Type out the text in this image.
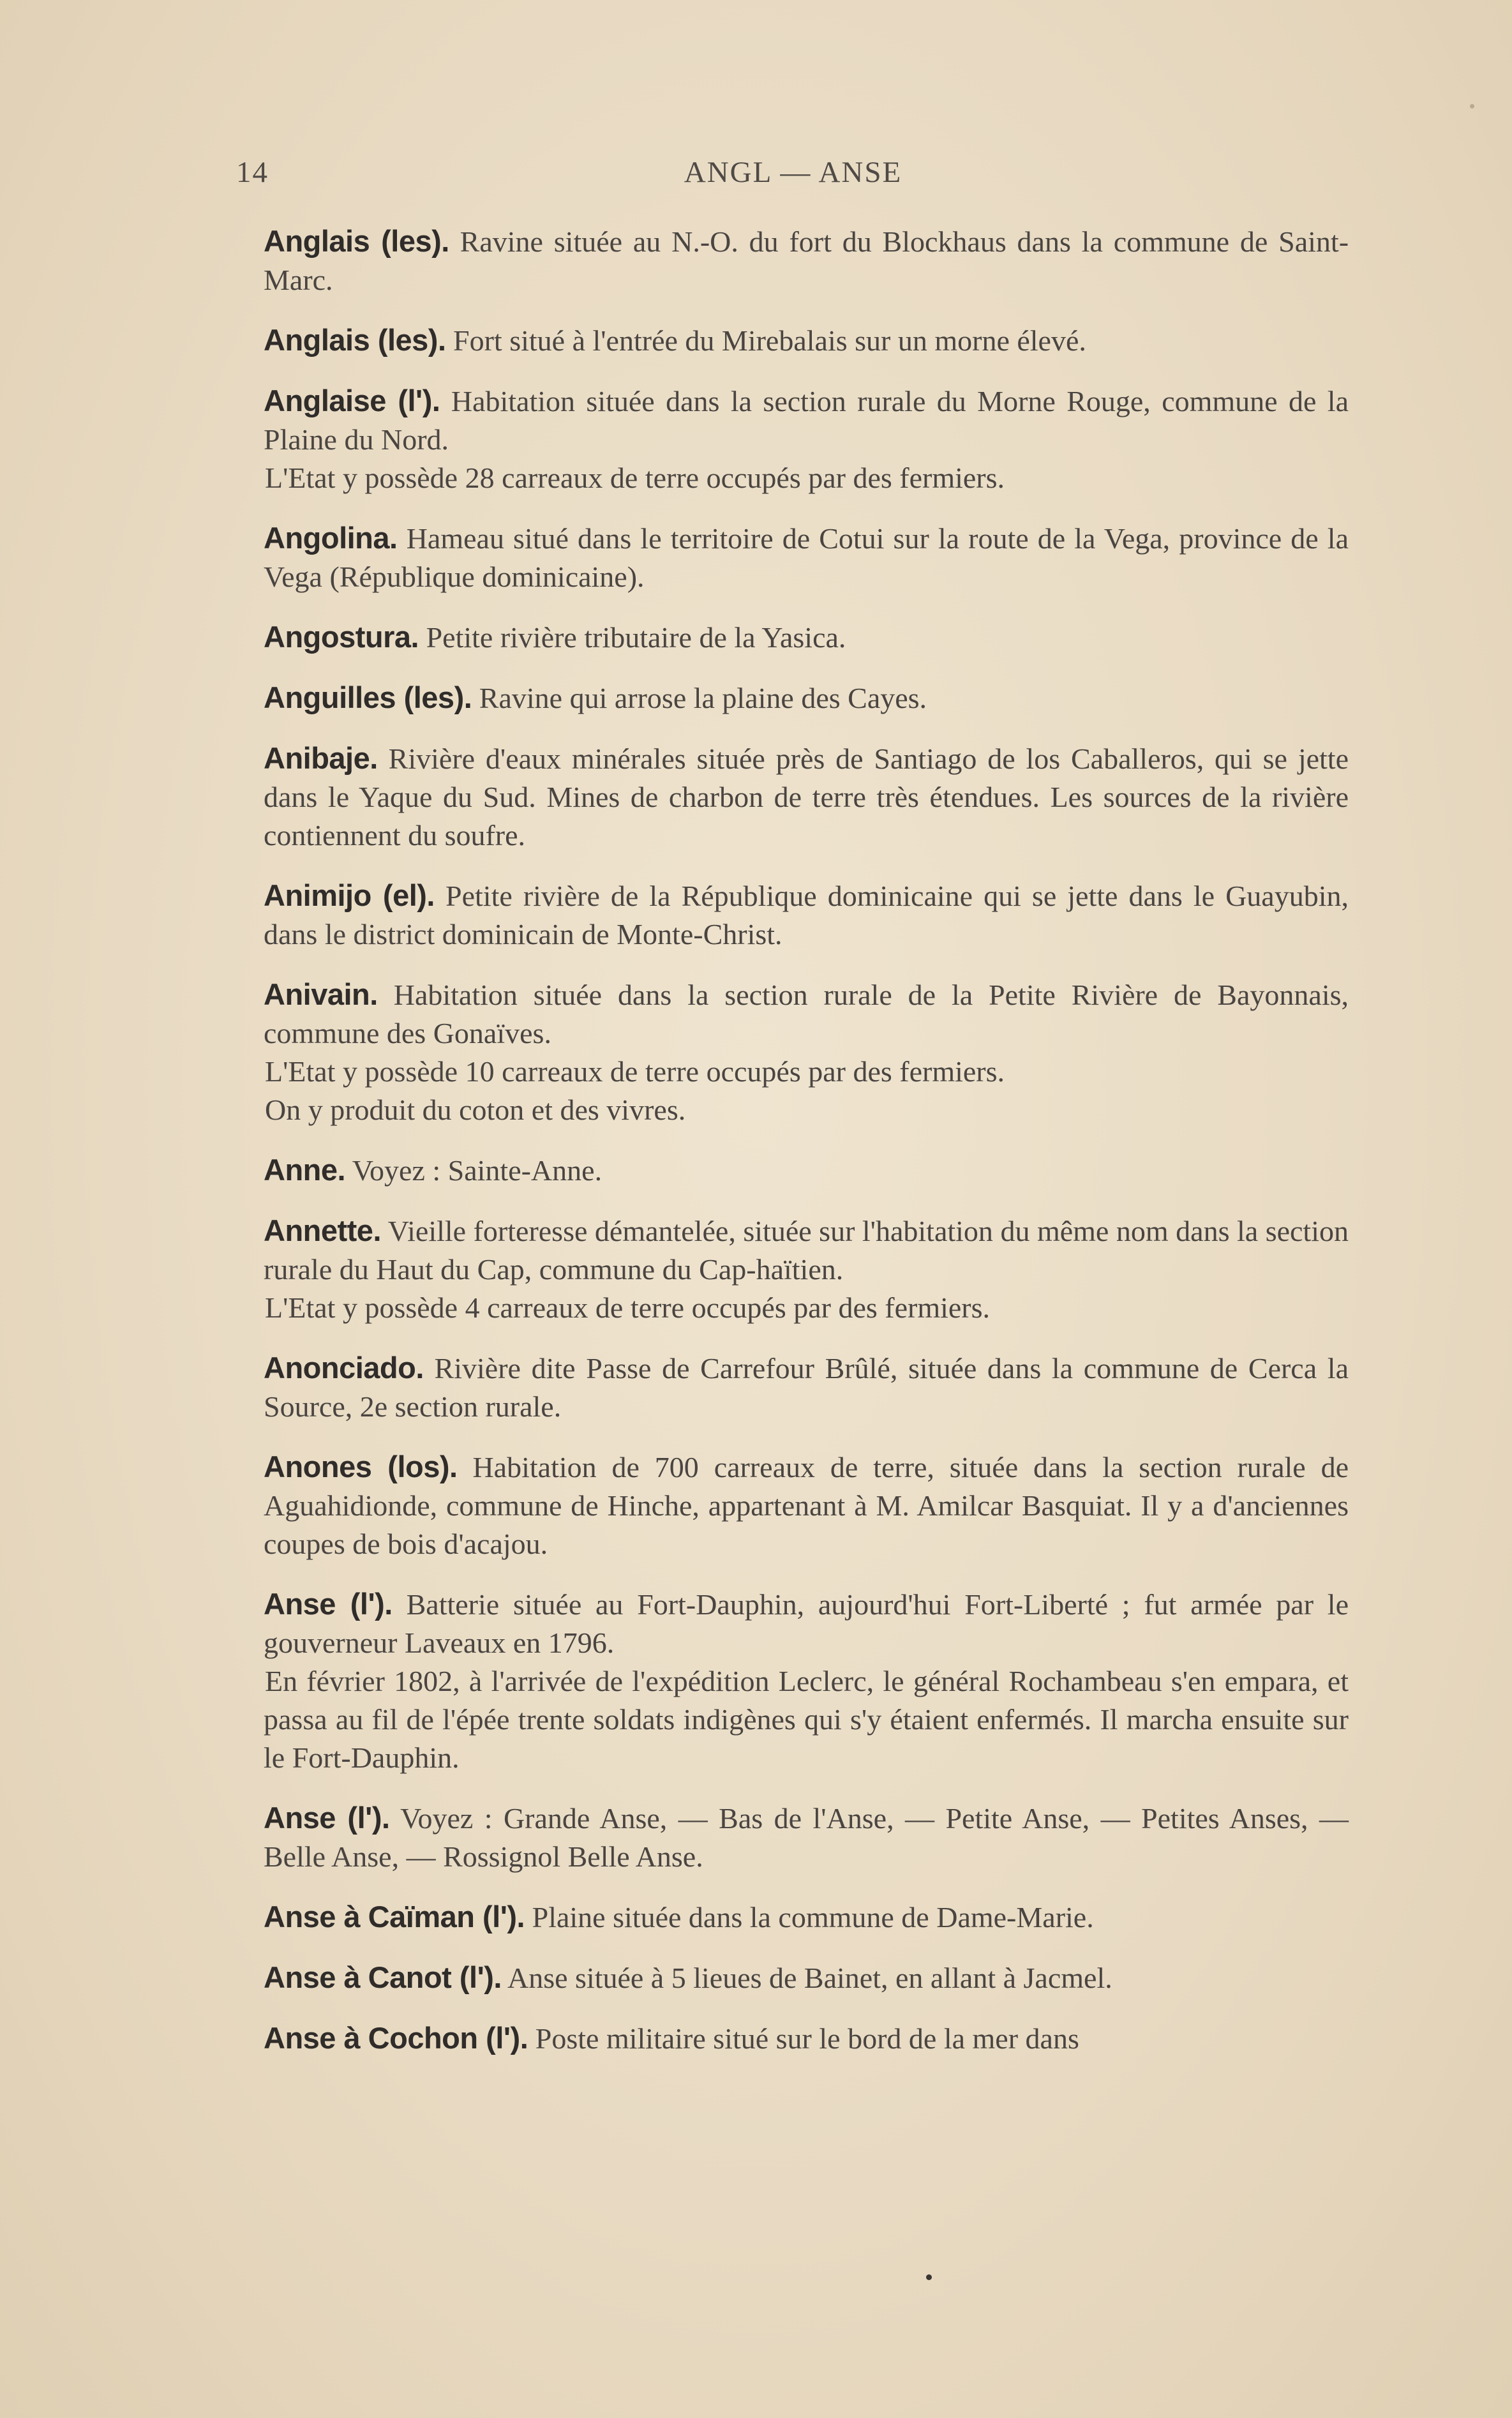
14	ANGL — ANSE

Anglais (les). Ravine située au N.-O. du fort du Blockhaus dans la commune de Saint-Marc.

Anglais (les). Fort situé à l'entrée du Mirebalais sur un morne élevé.

Anglaise (l'). Habitation située dans la section rurale du Morne Rouge, commune de la Plaine du Nord.

L'Etat y possède 28 carreaux de terre occupés par des fermiers.

Angolina. Hameau situé dans le territoire de Cotui sur la route de la Vega, province de la Vega (République dominicaine).

Angostura. Petite rivière tributaire de la Yasica.

Anguilles (les). Ravine qui arrose la plaine des Cayes.

Anibaje. Rivière d'eaux minérales située près de Santiago de los Caballeros, qui se jette dans le Yaque du Sud. Mines de charbon de terre très étendues. Les sources de la rivière contiennent du soufre.

Animijo (el). Petite rivière de la République dominicaine qui se jette dans le Guayubin, dans le district dominicain de Monte-Christ.

Anivain. Habitation située dans la section rurale de la Petite Rivière de Bayonnais, commune des Gonaïves.

L'Etat y possède 10 carreaux de terre occupés par des fermiers.

On y produit du coton et des vivres.

Anne. Voyez : Sainte-Anne.

Annette. Vieille forteresse démantelée, située sur l'habitation du même nom dans la section rurale du Haut du Cap, commune du Cap-haïtien.

L'Etat y possède 4 carreaux de terre occupés par des fermiers.

Anonciado. Rivière dite Passe de Carrefour Brûlé, située dans la commune de Cerca la Source, 2e section rurale.

Anones (los). Habitation de 700 carreaux de terre, située dans la section rurale de Aguahidionde, commune de Hinche, appartenant à M. Amilcar Basquiat. Il y a d'anciennes coupes de bois d'acajou.

Anse (l'). Batterie située au Fort-Dauphin, aujourd'hui Fort-Liberté ; fut armée par le gouverneur Laveaux en 1796.

En février 1802, à l'arrivée de l'expédition Leclerc, le général Rochambeau s'en empara, et passa au fil de l'épée trente soldats indigènes qui s'y étaient enfermés. Il marcha ensuite sur le Fort-Dauphin.

Anse (l'). Voyez : Grande Anse, — Bas de l'Anse, — Petite Anse, — Petites Anses, — Belle Anse, — Rossignol Belle Anse.

Anse à Caïman (l'). Plaine située dans la commune de Dame-Marie.

Anse à Canot (l'). Anse située à 5 lieues de Bainet, en allant à Jacmel.

Anse à Cochon (l'). Poste militaire situé sur le bord de la mer dans
